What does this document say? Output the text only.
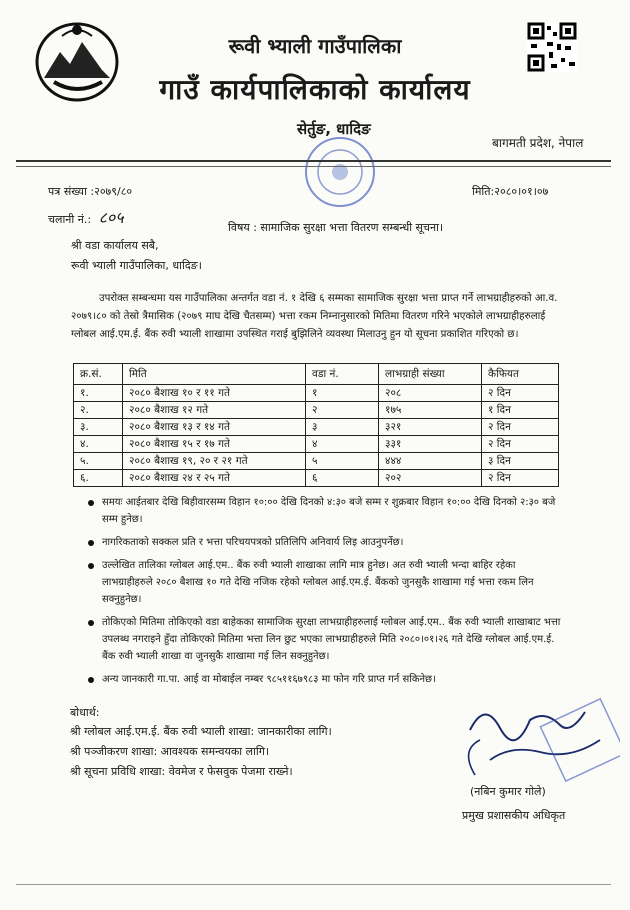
रूवी भ्याली गाउँपालिका
गाउँ कार्यपालिकाको कार्यालय
सेर्तुङ, धादिङ
बागमती प्रदेश, नेपाल
पत्र संख्या :२०७९/८०
चलानी नं.: ८०५
मिति:२०८०।०१।०७
विषय : सामाजिक सुरक्षा भत्ता वितरण सम्बन्धी सूचना।
श्री वडा कार्यालय सबै,
रूवी भ्याली गाउँपालिका, धादिङ।
उपरोक्त सम्बन्धमा यस गाउँपालिका अन्तर्गत वडा नं. १ देखि ६ सम्मका सामाजिक सुरक्षा भत्ता प्राप्त गर्ने लाभग्राहीहरुको आ.व. २०७९।८० को तेस्रो त्रैमासिक (२०७९ माघ देखि चैतसम्म) भत्ता रकम निम्नानुसारको मितिमा वितरण गरिने भएकोले लाभग्राहीहरुलाई ग्लोबल आई.एम.ई. बैंक रुवी भ्याली शाखामा उपस्थित गराई बुझिलिने व्यवस्था मिलाउनु हुन यो सूचना प्रकाशित गरिएको छ।
क्र.सं.	मिति	वडा नं.	लाभग्राही संख्या	कैफियत
१.	२०८० बैशाख १० र ११ गते	१	२०८	२ दिन
२.	२०८० बैशाख १२ गते	२	१७५	१ दिन
३.	२०८० बैशाख १३ र १४ गते	३	३२१	२ दिन
४.	२०८० बैशाख १५ र १७ गते	४	३३१	२ दिन
५.	२०८० बैशाख १९, २० र २१ गते	५	४४४	३ दिन
६.	२०८० बैशाख २४ र २५ गते	६	२०२	२ दिन
समयः आईतबार देखि बिहीवारसम्म विहान १०:०० देखि दिनको ४:३० बजे सम्म र शुक्रबार विहान १०:०० देखि दिनको २:३० बजे सम्म हुनेछ।
नागरिकताको सक्कल प्रति र भत्ता परिचयपत्रको प्रतिलिपि अनिवार्य लिइ आउनुपर्नेछ।
उल्लेखित तालिका ग्लोबल आई.एम.. बैंक रुवी भ्याली शाखाका लागि मात्र हुनेछ। अत रुवी भ्याली भन्दा बाहिर रहेका लाभग्राहीहरुले २०८० बैशाख १० गते देखि नजिक रहेको ग्लोबल आई.एम.ई. बैंकको जुनसुकै शाखामा गई भत्ता रकम लिन सक्नुहुनेछ।
तोकिएको मितिमा तोकिएको वडा बाहेकका सामाजिक सुरक्षा लाभग्राहीहरुलाई ग्लोबल आई.एम.. बैंक रुवी भ्याली शाखाबाट भत्ता उपलब्ध नगराइने हुँदा तोकिएको मितिमा भत्ता लिन छुट भएका लाभग्राहीहरुले मिति २०८०।०१।२६ गते देखि ग्लोबल आई.एम.ई. बैंक रुवी भ्याली शाखा वा जुनसुकै शाखामा गई लिन सक्नुहुनेछ।
अन्य जानकारी गा.पा. आई वा मोबाईल नम्बर ९८५११६७९८३ मा फोन गरि प्राप्त गर्न सकिनेछ।
बोधार्थ:
श्री ग्लोबल आई.एम.ई. बैंक रुवी भ्याली शाखा: जानकारीका लागि।
श्री पञ्जीकरण शाखा: आवश्यक समन्वयका लागि।
श्री सूचना प्रविधि शाखा: वेवमेज र फेसवुक पेजमा राख्ने।
(नबिन कुमार गोले)
प्रमुख प्रशासकीय अधिकृत
